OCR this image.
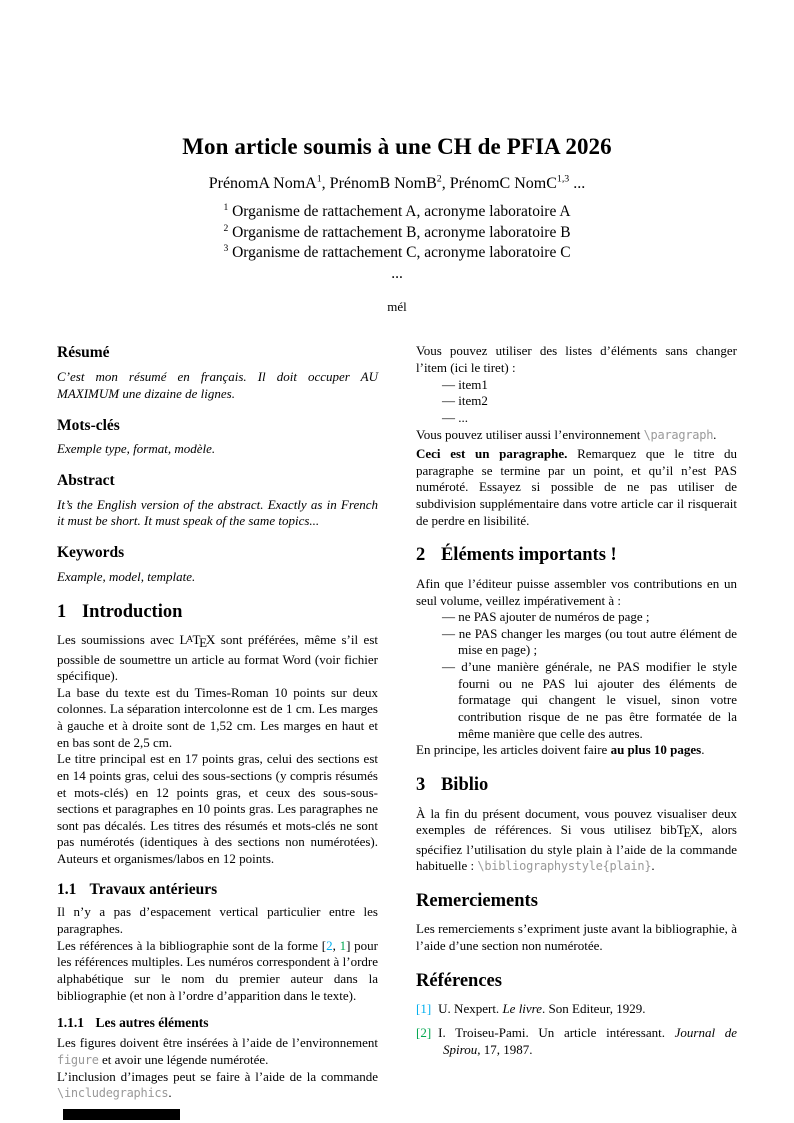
Mon article soumis à une CH de PFIA 2026
PrénomA NomA$^1$, PrénomB NomB$^2$, PrénomC NomC$^{1,3}$ ...
$^1$ Organisme de rattachement A, acronyme laboratoire A
$^2$ Organisme de rattachement B, acronyme laboratoire B
$^3$ Organisme de rattachement C, acronyme laboratoire C
...
mél
Résumé

C’est mon résumé en français. Il doit occuper AU MAXIMUM une dizaine de lignes.

Mots-clés

Exemple type, format, modèle.

Abstract

It’s the English version of the abstract. Exactly as in French it must be short. It must speak of the same topics...

Keywords

Example, model, template.

1 Introduction

Les soumissions avec LATEX sont préférées, même s’il est possible de soumettre un article au format Word (voir fichier spécifique).

La base du texte est du Times-Roman 10 points sur deux colonnes. La séparation intercolonne est de 1 cm. Les marges à gauche et à droite sont de 1,52 cm. Les marges en haut et en bas sont de 2,5 cm.

Le titre principal est en 17 points gras, celui des sections est en 14 points gras, celui des sous-sections (y compris résumés et mots-clés) en 12 points gras, et ceux des sous-sous-sections et paragraphes en 10 points gras. Les paragraphes ne sont pas décalés. Les titres des résumés et mots-clés ne sont pas numérotés (identiques à des sections non numérotées). Auteurs et organismes/labos en 12 points.

1.1 Travaux antérieurs

Il n’y a pas d’espacement vertical particulier entre les paragraphes.

Les références à la bibliographie sont de la forme [2, 1] pour les références multiples. Les numéros correspondent à l’ordre alphabétique sur le nom du premier auteur dans la bibliographie (et non à l’ordre d’apparition dans le texte).

1.1.1 Les autres éléments

Les figures doivent être insérées à l’aide de l’environnement figure et avoir une légende numérotée.

L’inclusion d’images peut se faire à l’aide de la commande \includegraphics.

Vous pouvez utiliser des listes d’éléments sans changer l’item (ici le tiret) :

— item1
— item2
— ...

Vous pouvez utiliser aussi l’environnement \paragraph.

Ceci est un paragraphe. Remarquez que le titre du paragraphe se termine par un point, et qu’il n’est PAS numéroté. Essayez si possible de ne pas utiliser de subdivision supplémentaire dans votre article car il risquerait de perdre en lisibilité.

2 Éléments importants !

Afin que l’éditeur puisse assembler vos contributions en un seul volume, veillez impérativement à :

— ne PAS ajouter de numéros de page ;
— ne PAS changer les marges (ou tout autre élément de mise en page) ;
— d’une manière générale, ne PAS modifier le style fourni ou ne PAS lui ajouter des éléments de formatage qui changent le visuel, sinon votre contribution risque de ne pas être formatée de la même manière que celle des autres.

En principe, les articles doivent faire au plus 10 pages.

3 Biblio

À la fin du présent document, vous pouvez visualiser deux exemples de références. Si vous utilisez bibTEX, alors spécifiez l’utilisation du style plain à l’aide de la commande habituelle : \bibliographystyle{plain}.

Remerciements

Les remerciements s’expriment juste avant la bibliographie, à l’aide d’une section non numérotée.

Références
[1] U. Nexpert. Le livre. Son Editeur, 1929.
[2] I. Troiseu-Pami. Un article intéressant. Journal de Spirou, 17, 1987.
